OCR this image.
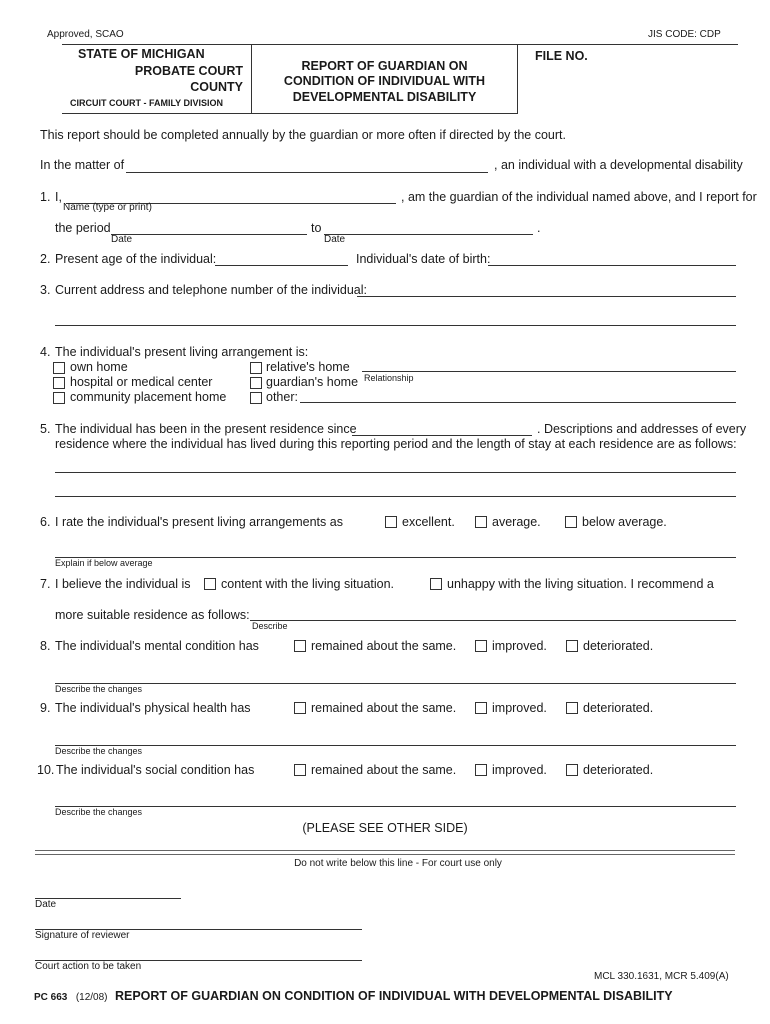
Approved, SCAO	JIS CODE: CDP
STATE OF MICHIGAN
PROBATE COURT
COUNTY
CIRCUIT COURT - FAMILY DIVISION
REPORT OF GUARDIAN ON
CONDITION OF INDIVIDUAL WITH
DEVELOPMENTAL DISABILITY
FILE NO.
This report should be completed annually by the guardian or more often if directed by the court.
In the matter of	, an individual with a developmental disability
1. I,	, am the guardian of the individual named above, and I report for
Name (type or print)
the period	to	.
Date	Date
2. Present age of the individual:	Individual's date of birth:
3. Current address and telephone number of the individual:
4. The individual's present living arrangement is:
own home
hospital or medical center
community placement home
relative's home
guardian's home
other:
Relationship
5. The individual has been in the present residence since	. Descriptions and addresses of every
residence where the individual has lived during this reporting period and the length of stay at each residence are as follows:
6. I rate the individual's present living arrangements as	excellent.	average.	below average.
Explain if below average
7. I believe the individual is content with the living situation.	unhappy with the living situation. I recommend a
more suitable residence as follows:
Describe
8. The individual's mental condition has	remained about the same.	improved.	deteriorated.
Describe the changes
9. The individual's physical health has	remained about the same.	improved.	deteriorated.
Describe the changes
10. The individual's social condition has	remained about the same.	improved.	deteriorated.
Describe the changes
(PLEASE SEE OTHER SIDE)
Do not write below this line - For court use only
Date
Signature of reviewer
Court action to be taken
MCL 330.1631, MCR 5.409(A)
PC 663 (12/08) REPORT OF GUARDIAN ON CONDITION OF INDIVIDUAL WITH DEVELOPMENTAL DISABILITY
